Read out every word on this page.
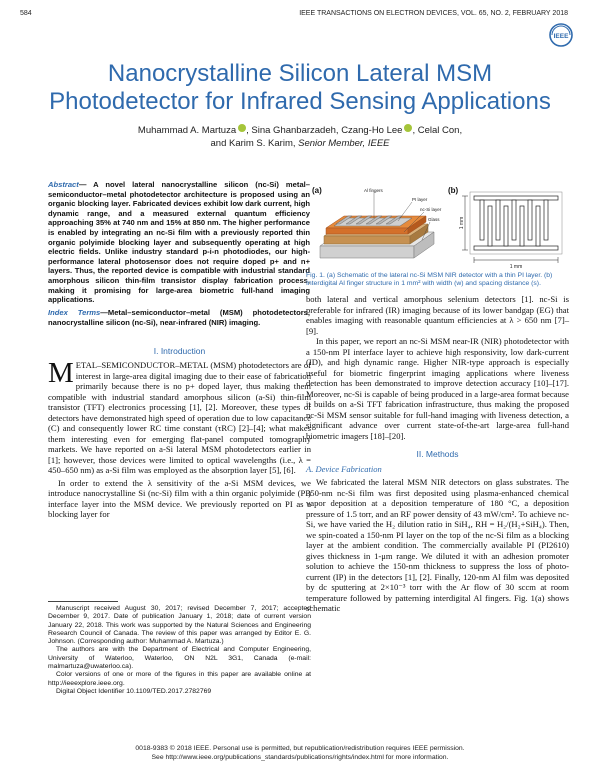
584	IEEE TRANSACTIONS ON ELECTRON DEVICES, VOL. 65, NO. 2, FEBRUARY 2018
IEEE
Nanocrystalline Silicon Lateral MSM Photodetector for Infrared Sensing Applications
Muhammad A. Martuza , Sina Ghanbarzadeh, Czang-Ho Lee , Celal Con,
and Karim S. Karim, Senior Member, IEEE
Abstract— A novel lateral nanocrystalline silicon (nc-Si) metal–semiconductor–metal photodetector architecture is proposed using an organic blocking layer. Fabricated devices exhibit low dark current, high dynamic range, and a measured external quantum efficiency approaching 35% at 740 nm and 15% at 850 nm. The higher performance is enabled by integrating an nc-Si film with a previously reported thin organic polyimide blocking layer and subsequently operating at high electric fields. Unlike industry standard p-i-n photodiodes, our high-performance lateral photosensor does not require doped p+ and n+ layers. Thus, the reported device is compatible with industrial standard amorphous silicon thin-film transistor display fabrication process, making it promising for large-area biometric full-hand imaging applications.
Index Terms—Metal–semiconductor–metal (MSM) photodetectors, nanocrystalline silicon (nc-Si), near-infrared (NIR) imaging.
I. Introduction
METAL–SEMICONDUCTOR–METAL (MSM) photodetectors are of interest in large-area digital imaging due to their ease of fabrication primarily because there is no p+ doped layer, thus making them compatible with industrial standard amorphous silicon (a-Si) thin-film transistor (TFT) electronics processing [1], [2]. Moreover, these types of detectors have demonstrated high speed of operation due to low capacitance (C) and consequently lower RC time constant (τRC) [2]–[4]; what makes them interesting even for emerging flat-panel computed tomography markets. We have reported on a-Si lateral MSM photodetectors earlier in [1]; however, those devices were limited to optical wavelengths (i.e., λ = 450–650 nm) as a-Si film was employed as the absorption layer [5], [6].
In order to extend the λ sensitivity of the a-Si MSM devices, we introduce nanocrystalline Si (nc-Si) film with a thin organic polyimide (PI) interface layer into the MSM device. We previously reported on PI as a blocking layer for
Manuscript received August 30, 2017; revised December 7, 2017; accepted December 9, 2017. Date of publication January 1, 2018; date of current version January 22, 2018. This work was supported by the Natural Sciences and Engineering Research Council of Canada. The review of this paper was arranged by Editor E. G. Johnson. (Corresponding author: Muhammad A. Martuza.)
The authors are with the Department of Electrical and Computer Engineering, University of Waterloo, Waterloo, ON N2L 3G1, Canada (e-mail: malmartuza@uwaterloo.ca).
Color versions of one or more of the figures in this paper are available online at http://ieeexplore.ieee.org.
Digital Object Identifier 10.1109/TED.2017.2782769
(a)	(b)
Al fingers
PI layer
nc-Si layer
Glass
1 mm
1 mm
Fig. 1. (a) Schematic of the lateral nc-Si MSM NIR detector with a thin PI layer. (b) Interdigital Al finger structure in 1 mm² with width (w) and spacing distance (s).
both lateral and vertical amorphous selenium detectors [1]. nc-Si is preferable for infrared (IR) imaging because of its lower bandgap (EG) that enables imaging with reasonable quantum efficiencies at λ > 650 nm [7]–[9].
In this paper, we report an nc-Si MSM near-IR (NIR) photodetector with a 150-nm PI interface layer to achieve high responsivity, low dark-current (ID), and high dynamic range. Higher NIR-type approach is especially useful for biometric fingerprint imaging applications where liveness detection has been demonstrated to improve detection accuracy [10]–[17]. Moreover, nc-Si is capable of being produced in a large-area format because it builds on a-Si TFT fabrication infrastructure, thus making the proposed nc-Si MSM sensor suitable for full-hand imaging with liveness detection, a significant advance over current state-of-the-art large-area full-hand biometric imagers [18]–[20].
II. Methods
A. Device Fabrication
We fabricated the lateral MSM NIR detectors on glass substrates. The 350-nm nc-Si film was first deposited using plasma-enhanced chemical vapor deposition at a deposition temperature of 180 °C, a deposition pressure of 1.5 torr, and an RF power density of 43 mW/cm². To achieve nc-Si, we have varied the H₂ dilution ratio in SiH₄, RH = H₂/(H₂+SiH₄). Then, we spin-coated a 150-nm PI layer on the top of the nc-Si film as a blocking layer at the ambient condition. The commercially available PI (PI2610) gives thickness in 1-μm range. We diluted it with an adhesion promoter solution to achieve the 150-nm thickness to suppress the loss of photo-current (IP) in the detectors [1], [2]. Finally, 120-nm Al film was deposited by dc sputtering at 2×10⁻³ torr with the Ar flow of 30 sccm at room temperature followed by patterning interdigital Al fingers. Fig. 1(a) shows schematic
0018-9383 © 2018 IEEE. Personal use is permitted, but republication/redistribution requires IEEE permission.
See http://www.ieee.org/publications_standards/publications/rights/index.html for more information.
